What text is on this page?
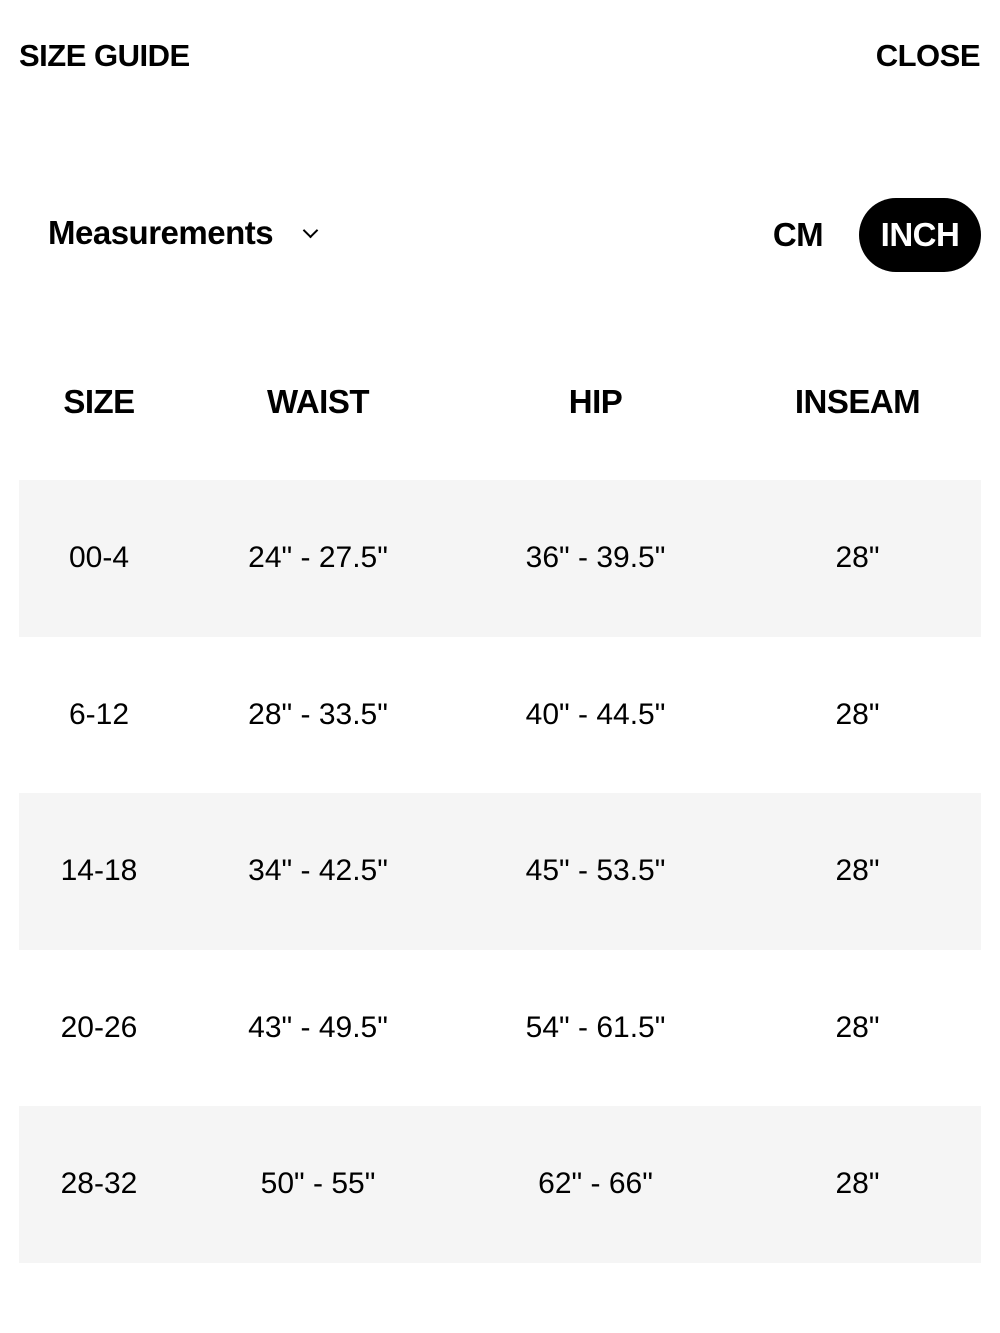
SIZE GUIDE	CLOSE
Measurements	CM	INCH
SIZE	WAIST	HIP	INSEAM
00-4	24" - 27.5"	36" - 39.5"	28"
6-12	28" - 33.5"	40" - 44.5"	28"
14-18	34" - 42.5"	45" - 53.5"	28"
20-26	43" - 49.5"	54" - 61.5"	28"
28-32	50" - 55"	62" - 66"	28"
